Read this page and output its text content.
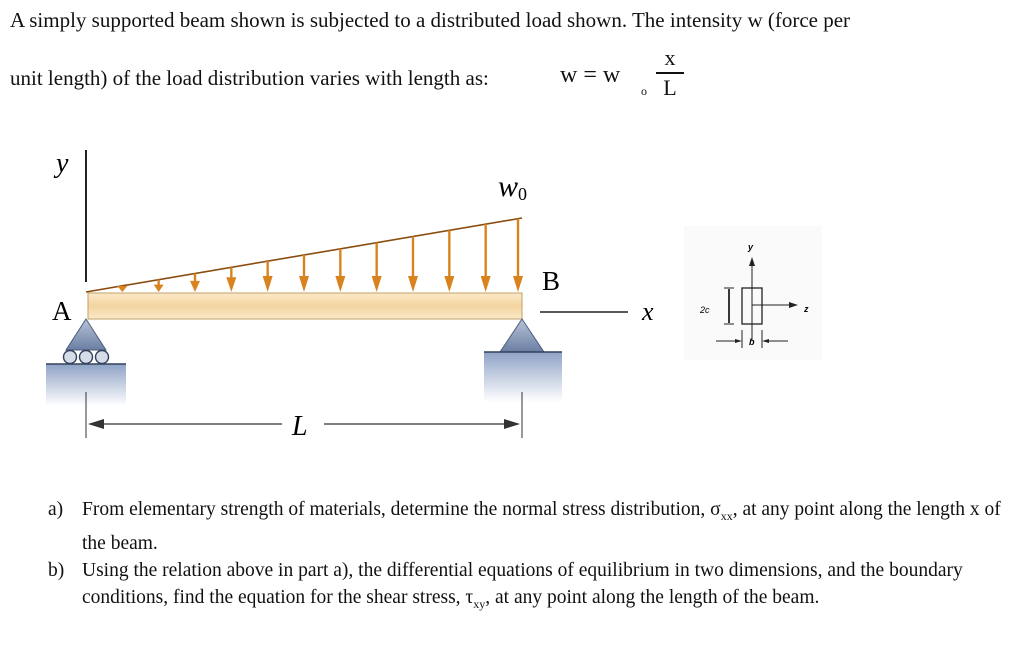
A simply supported beam shown is subjected to a distributed load shown. The intensity w (force per
unit length) of the load distribution varies with length as:	w = w
o
x
L
y
w0
A
B
x
L
y
z
2c
b
a) From elementary strength of materials, determine the normal stress distribution, $\sigma_{xx}$, at any point along the length x of the beam.
b) Using the relation above in part a), the differential equations of equilibrium in two dimensions, and the boundary conditions, find the equation for the shear stress, $\tau_{xy}$, at any point along the length of the beam.
